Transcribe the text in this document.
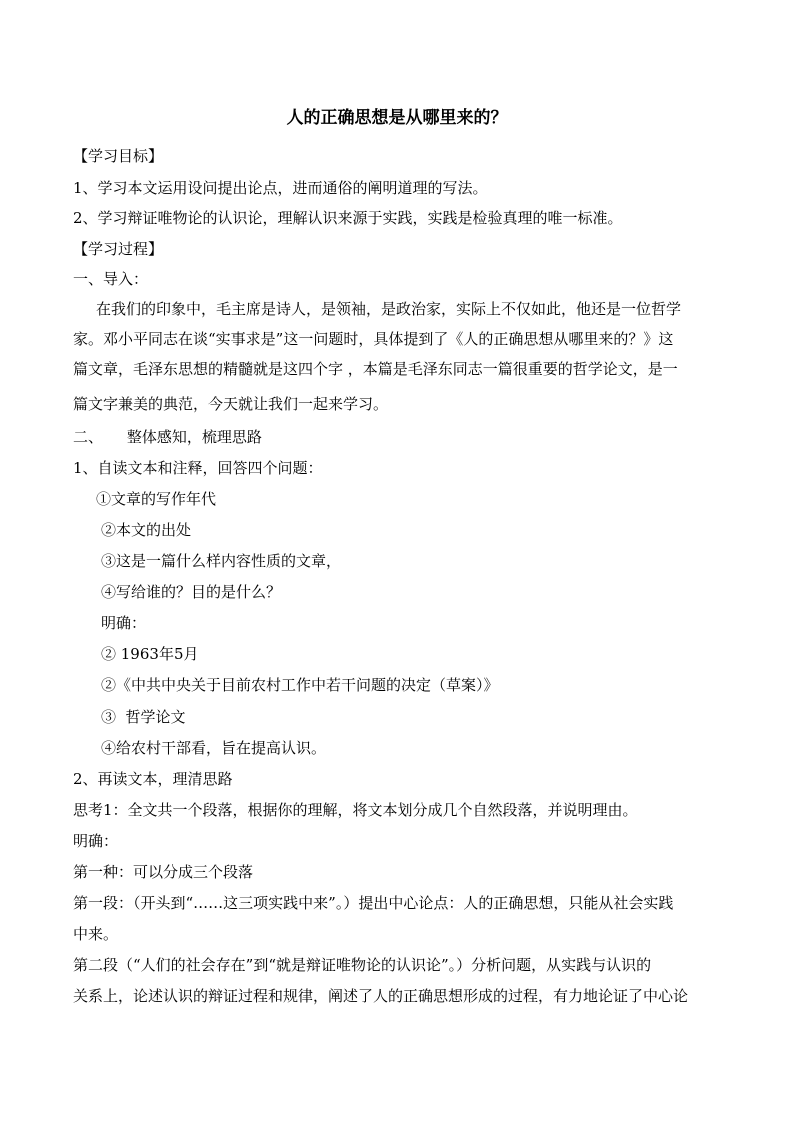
人的正确思想是从哪里来的？
【学习目标】
1、学习本文运用设问提出论点，进而通俗的阐明道理的写法。
2、学习辩证唯物论的认识论，理解认识来源于实践，实践是检验真理的唯一标准。
【学习过程】
一、导入：
在我们的印象中，毛主席是诗人，是领袖，是政治家，实际上不仅如此，他还是一位哲学
家。邓小平同志在谈“实事求是”这一问题时，具体提到了《人的正确思想从哪里来的？》这
篇文章，毛泽东思想的精髓就是这四个字 ，本篇是毛泽东同志一篇很重要的哲学论文，是一
篇文字兼美的典范，今天就让我们一起来学习。
二、     整体感知，梳理思路
1、自读文本和注释，回答四个问题：
①文章的写作年代
②本文的出处
③这是一篇什么样内容性质的文章，
④写给谁的？目的是什么？
明确：
② 1963年5月
②《中共中央关于目前农村工作中若干问题的决定（草案）》
③  哲学论文
④给农村干部看，旨在提高认识。
2、再读文本，理清思路
思考1：全文共一个段落，根据你的理解，将文本划分成几个自然段落，并说明理由。
明确：
第一种：可以分成三个段落
第一段：（开头到“……这三项实践中来”。）提出中心论点：人的正确思想，只能从社会实践
中来。
第二段（“人们的社会存在”到“就是辩证唯物论的认识论”。）分析问题，从实践与认识的
关系上，论述认识的辩证过程和规律，阐述了人的正确思想形成的过程，有力地论证了中心论
